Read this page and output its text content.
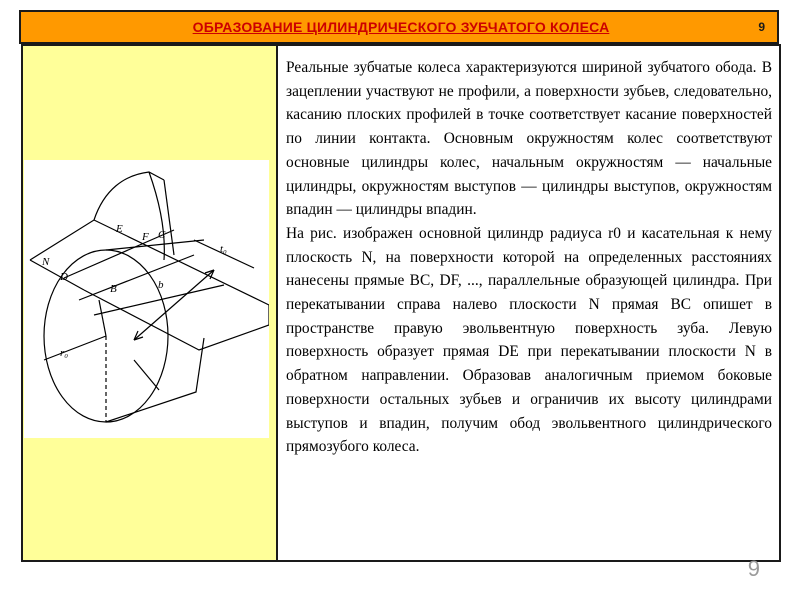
ОБРАЗОВАНИЕ ЦИЛИНДРИЧЕСКОГО ЗУБЧАТОГО КОЛЕСА	9
N
D
E
F C
B	b
t₀
r₀

Реальные зубчатые колеса характеризуются шириной зубчатого обода. В зацеплении участвуют не профили, а поверхности зубьев, следовательно, касанию плоских профилей в точке соответствует касание поверхностей по линии контакта. Основным окружностям колес соответствуют основные цилиндры колес, начальным окружностям — начальные цилиндры, окружностям выступов — цилиндры выступов, окружностям впадин — цилиндры впадин.

На рис. изображен основной цилиндр радиуса r0 и касательная к нему плоскость N, на поверхности которой на определенных расстояниях нанесены прямые BC, DF, ..., параллельные образующей цилиндра. При перекатывании справа налево плоскости N прямая BC опишет в пространстве правую эвольвентную поверхность зуба. Левую поверхность образует прямая DE при перекатывании плоскости N в обратном направлении. Образовав аналогичным приемом боковые поверхности остальных зубьев и ограничив их высоту цилиндрами выступов и впадин, получим обод эвольвентного цилиндрического прямозубого колеса.

9
